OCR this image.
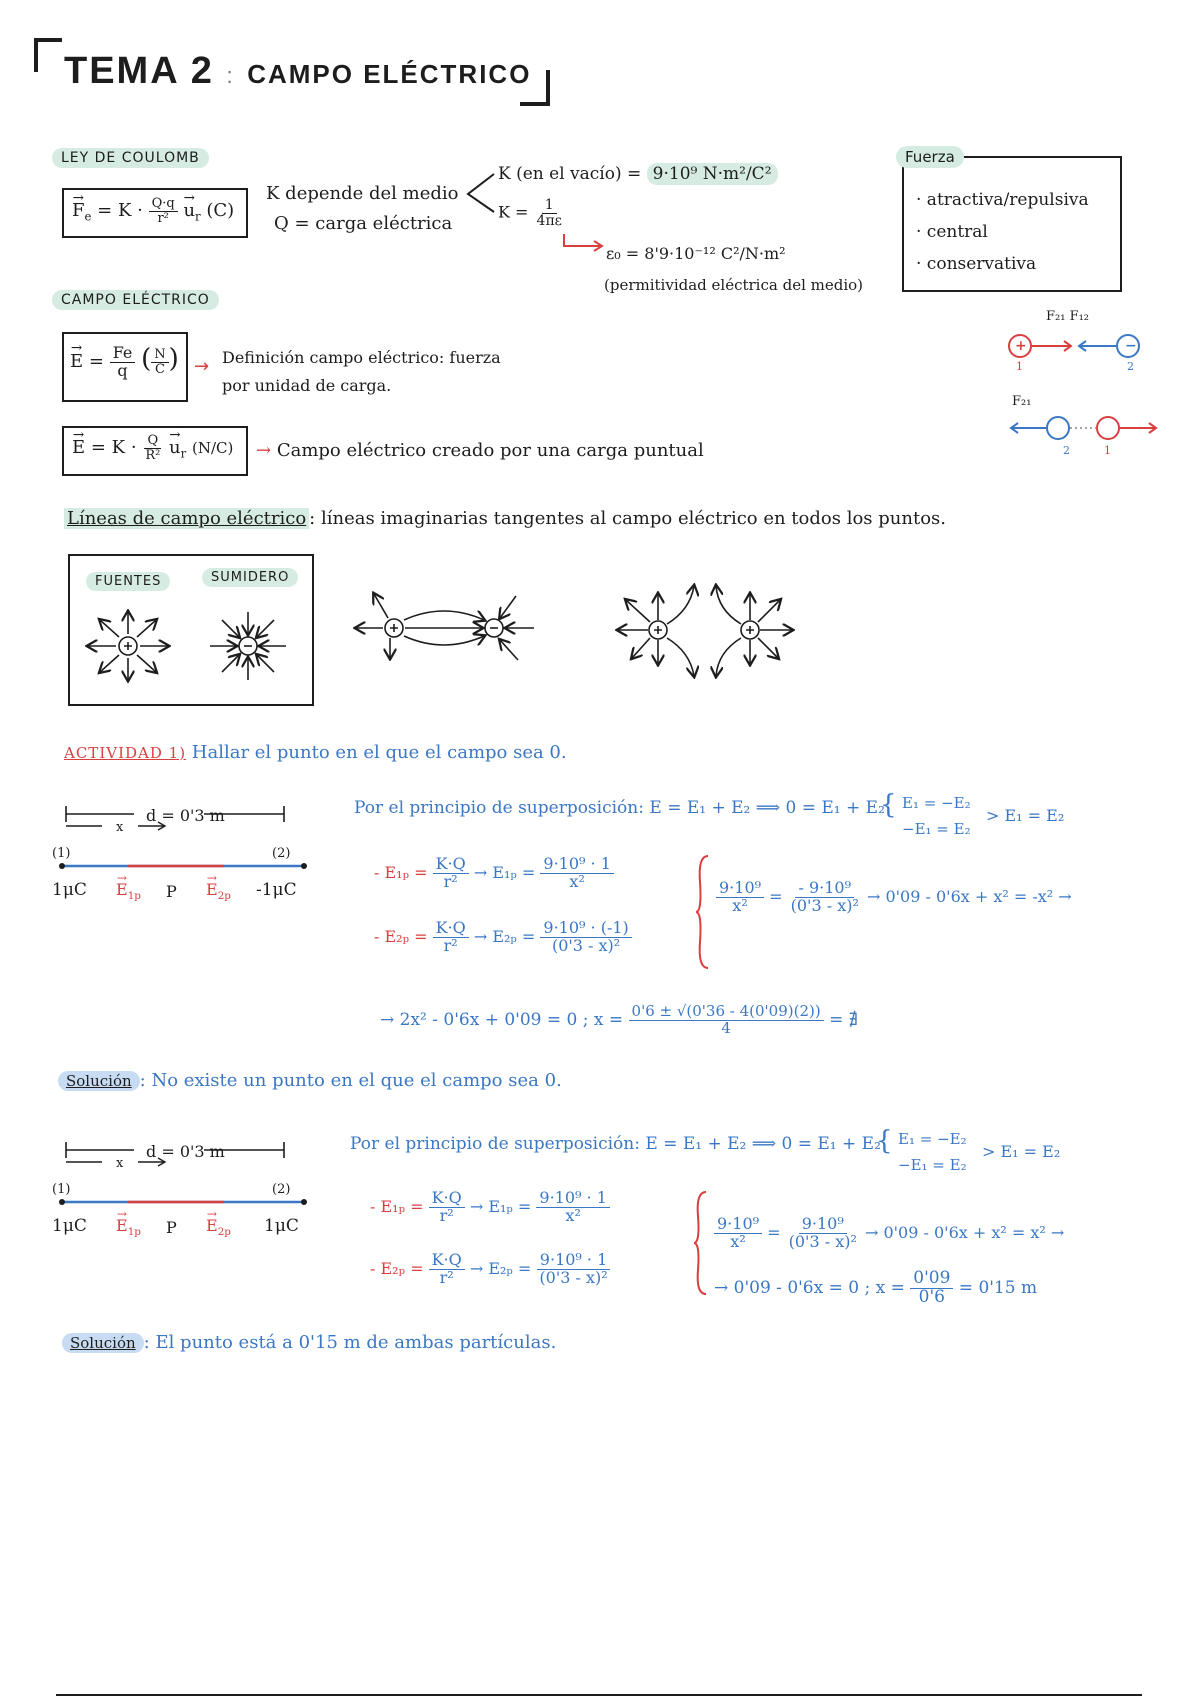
TEMA 2 : CAMPO ELÉCTRICO
LEY DE COULOMB
→ $F_e = K \cdot \frac{Q\cdot q}{\text{r²}} \to u_r$ (C)
K depende del medio
Q = carga eléctrica
K (en el vacío) = 9·10⁹ N·m²/C²
$K = \frac{1}{4\pi\varepsilon}$
ε₀ = 8'9·10⁻¹² C²/N·m²
(permitividad eléctrica del medio)
Fuerza
· atractiva/repulsiva
· central
· conservativa
F₂₁ F₁₂
+	−
1	2
F₂₁
2	1
CAMPO ELÉCTRICO
→ $E = \frac{Fe}{q}$ ( $\frac{N}{C}$ ) → Definición campo eléctrico: fuerza
por unidad de carga.
→ $E = K \cdot \frac{Q}{\text{R²}} \to u_r$ (N/C) → Campo eléctrico creado por una carga puntual
Líneas de campo eléctrico : líneas imaginarias tangentes al campo eléctrico en todos los puntos.
FUENTES	SUMIDERO
ACTIVIDAD 1) Hallar el punto en el que el campo sea 0.
d = 0'3 m
x
(1)	(2)
$1\mu C \to E_{1p}$ $P \to E_{2p}$ -1μC
Por el principio de superposición: E = E₁ + E₂ ⟹ 0 = E₁ + E₂
{ E₁ = −E₂
−E₁ = E₂
> E₁ = E₂
- $E_{1p} = \frac{K\cdot Q}{\text{r²}} \to E_{1p} = \frac{\text{9·10⁹ · 1}}{\text{x²}}$
- $E_{2p} = \frac{K\cdot Q}{\text{r²}} \to E_{2p} = \frac{\text{9·10⁹ · (-1)}}{\text{(0'3 - x)²}}$
$\frac{\text{9·10⁹}}{\text{x²}} = \frac{\text{- 9·10⁹}}{\text{(0'3 - x)²}} \to 0'09 - 0'6x + x^2 = -x^2$ →
→ 2x² - 0'6x + 0'09 = 0 ; $x = \frac{0'6 \pm √(0'36 - 4(0'09)(2))}{4}$ = ∄
Solución : No existe un punto en el que el campo sea 0.
d = 0'3 m
x
(1)	(2)
$1\mu C \to E_{1p}$ $P \to E_{2p}$ 1μC
Por el principio de superposición: E = E₁ + E₂ ⟹ 0 = E₁ + E₂
{ E₁ = −E₂
−E₁ = E₂
> E₁ = E₂
- $E_{1p} = \frac{K\cdot Q}{\text{r²}} \to E_{1p} = \frac{\text{9·10⁹ · 1}}{\text{x²}}$
- $E_{2p} = \frac{K\cdot Q}{\text{r²}} \to E_{2p} = \frac{\text{9·10⁹ · 1}}{\text{(0'3 - x)²}}$
$\frac{\text{9·10⁹}}{\text{x²}} = \frac{\text{9·10⁹}}{\text{(0'3 - x)²}} \to 0'09 - 0'6x + x^2 = x^2$ →
→ 0'09 - 0'6x = 0 ; $x = \frac{0'09}{0'6} = 0'15$ m
Solución : El punto está a 0'15 m de ambas partículas.
